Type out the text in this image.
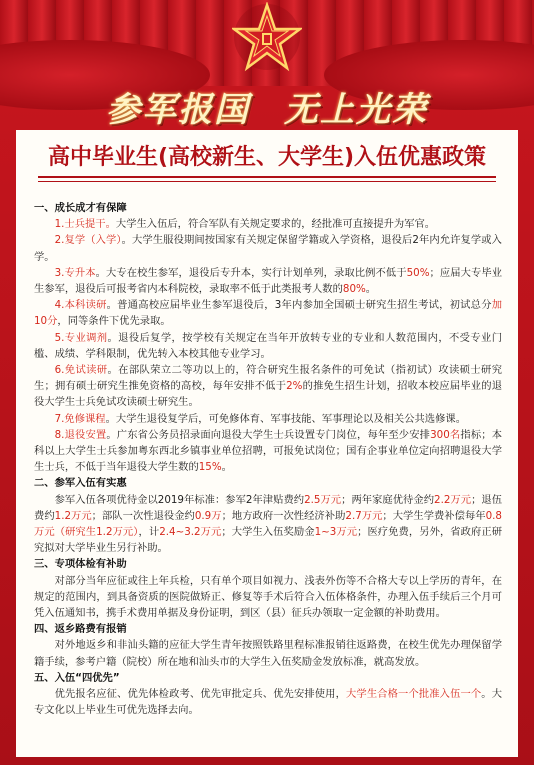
参军报国 无上光荣
高中毕业生(高校新生、大学生)入伍优惠政策

一、成长成才有保障

1.士兵提干。大学生入伍后，符合军队有关规定要求的，经批准可直接提升为军官。

2.复学（入学）。大学生服役期间按国家有关规定保留学籍或入学资格，退役后2年内允许复学或入学。

3.专升本。大专在校生参军，退役后专升本，实行计划单列，录取比例不低于50%；应届大专毕业生参军，退役后可报考省内本科院校，录取率不低于此类报考人数的80%。

4.本科读研。普通高校应届毕业生参军退役后，3年内参加全国硕士研究生招生考试，初试总分加10分，同等条件下优先录取。

5.专业调剂。退役后复学，按学校有关规定在当年开放转专业的专业和人数范围内，不受专业门槛、成绩、学科限制，优先转入本校其他专业学习。

6.免试读研。在部队荣立二等功以上的，符合研究生报名条件的可免试（指初试）攻读硕士研究生；拥有硕士研究生推免资格的高校，每年安排不低于2%的推免生招生计划，招收本校应届毕业的退役大学生士兵免试攻读硕士研究生。

7.免修课程。大学生退役复学后，可免修体育、军事技能、军事理论以及相关公共选修课。

8.退役安置。广东省公务员招录面向退役大学生士兵设置专门岗位，每年至少安排300名指标；本科以上大学生士兵参加粤东西北乡镇事业单位招聘，可报免试岗位；国有企事业单位定向招聘退役大学生士兵，不低于当年退役大学生数的15%。

二、参军入伍有实惠

参军入伍各项优待金以2019年标准：参军2年津贴费约2.5万元；两年家庭优待金约2.2万元；退伍费约1.2万元；部队一次性退役金约0.9万；地方政府一次性经济补助2.7万元；大学生学费补偿每年0.8万元（研究生1.2万元），计2.4~3.2万元；大学生入伍奖励金1~3万元；医疗免费，另外，省政府正研究拟对大学毕业生另行补助。

三、专项体检有补助

对部分当年应征或往上年兵检，只有单个项目如视力、浅表外伤等不合格大专以上学历的青年，在规定的范围内，到具备资质的医院做矫正、修复等手术后符合入伍体格条件，办理入伍手续后三个月可凭入伍通知书，携手术费用单据及身份证明，到区（县）征兵办领取一定金额的补助费用。

四、返乡路费有报销

对外地返乡和非汕头籍的应征大学生青年按照铁路里程标准报销往返路费，在校生优先办理保留学籍手续，参考户籍（院校）所在地和汕头市的大学生入伍奖励金发放标准，就高发放。

五、入伍“四优先”

优先报名应征、优先体检政考、优先审批定兵、优先安排使用，大学生合格一个批准入伍一个。大专文化以上毕业生可优先选择去向。
